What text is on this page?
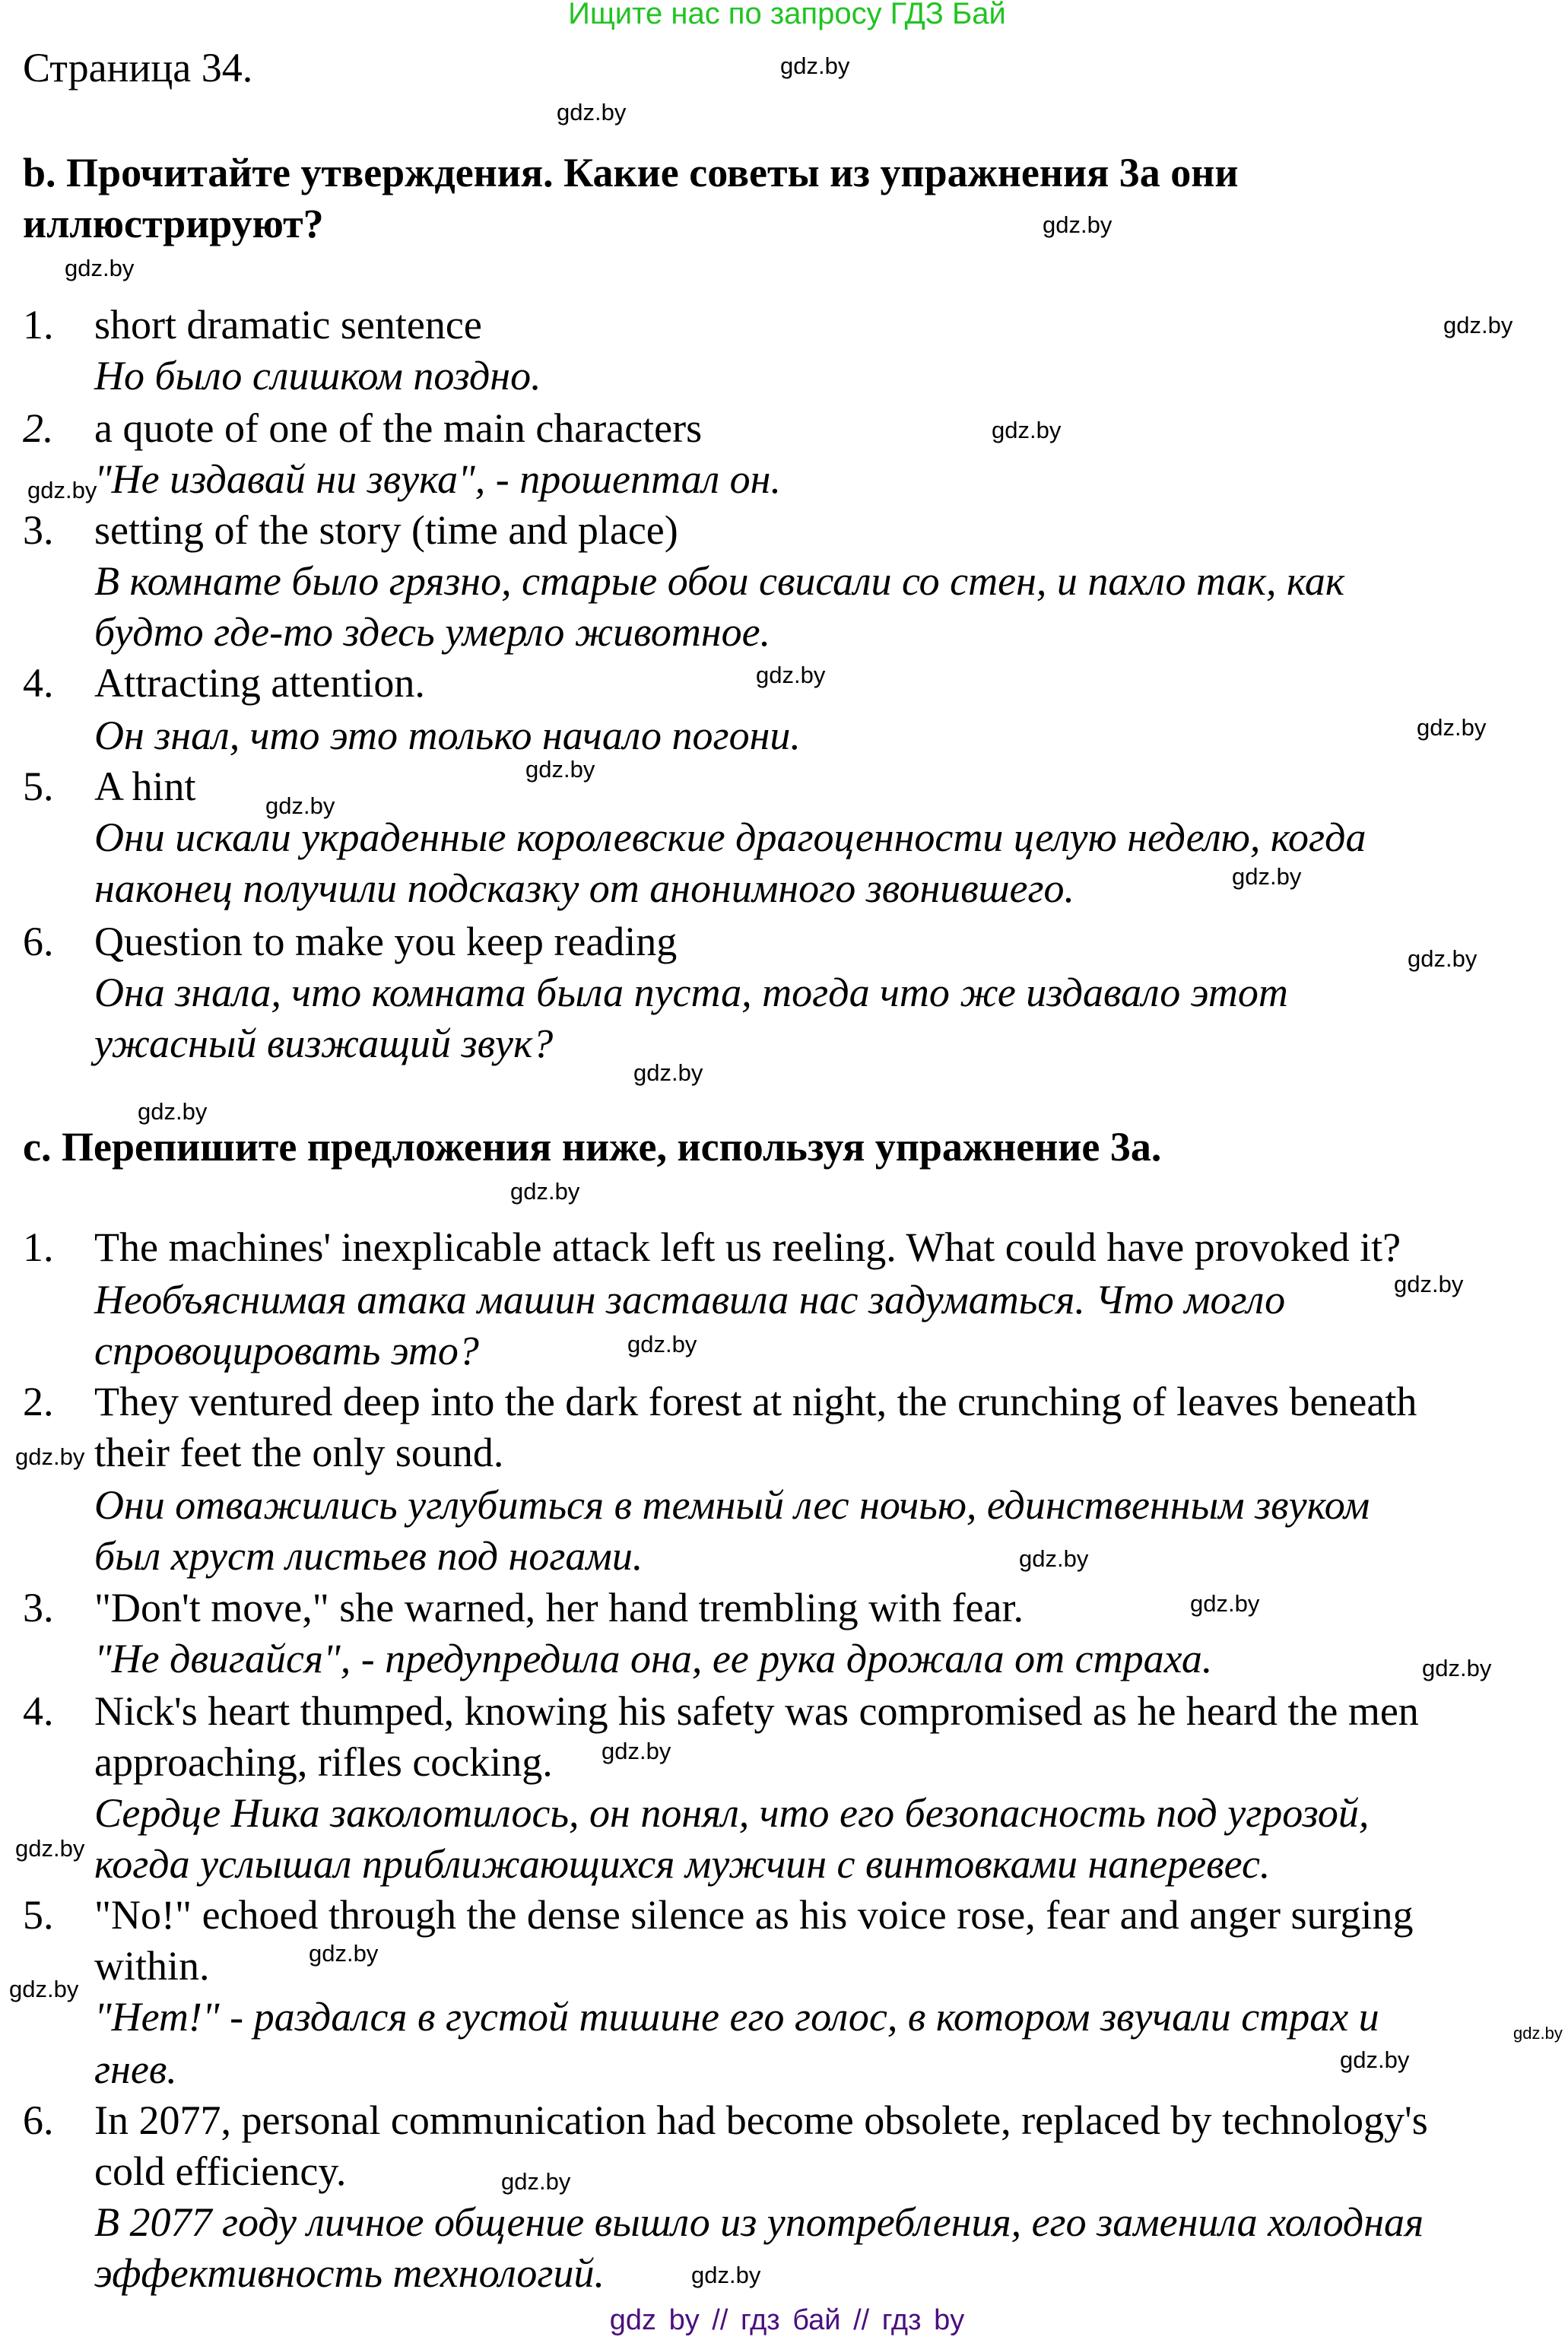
Ищите нас по запросу ГДЗ Бай
Страница 34.
b. Прочитайте утверждения. Какие советы из упражнения 3а они
иллюстрируют?
1. short dramatic sentence
Но было слишком поздно.
2. a quote of one of the main characters
"Не издавай ни звука", - прошептал он.
3. setting of the story (time and place)
В комнате было грязно, старые обои свисали со стен, и пахло так, как
будто где-то здесь умерло животное.
4. Attracting attention.
Он знал, что это только начало погони.
5. A hint
Они искали украденные королевские драгоценности целую неделю, когда
наконец получили подсказку от анонимного звонившего.
6. Question to make you keep reading
Она знала, что комната была пуста, тогда что же издавало этот
ужасный визжащий звук?
c. Перепишите предложения ниже, используя упражнение 3а.
1. The machines' inexplicable attack left us reeling. What could have provoked it?
Необъяснимая атака машин заставила нас задуматься. Что могло
спровоцировать это?
2. They ventured deep into the dark forest at night, the crunching of leaves beneath
their feet the only sound.
Они отважились углубиться в темный лес ночью, единственным звуком
был хруст листьев под ногами.
3. "Don't move," she warned, her hand trembling with fear.
"Не двигайся", - предупредила она, ее рука дрожала от страха.
4. Nick's heart thumped, knowing his safety was compromised as he heard the men
approaching, rifles cocking.
Сердце Ника заколотилось, он понял, что его безопасность под угрозой,
когда услышал приближающихся мужчин с винтовками наперевес.
5. "No!" echoed through the dense silence as his voice rose, fear and anger surging
within.
"Нет!" - раздался в густой тишине его голос, в котором звучали страх и
гнев.
6. In 2077, personal communication had become obsolete, replaced by technology's
cold efficiency.
В 2077 году личное общение вышло из употребления, его заменила холодная
эффективность технологий.
gdz.by
gdz.by
gdz.by
gdz.by
gdz.by
gdz.by
gdz.by
gdz.by
gdz.by
gdz.by
gdz.by
gdz.by
gdz.by
gdz.by
gdz.by
gdz.by
gdz.by
gdz.by
gdz.by
gdz.by
gdz.by
gdz.by
gdz.by
gdz.by
gdz.by
gdz.by
gdz.by
gdz.by
gdz.by
gdz.by
gdz by // гдз бай // гдз by
